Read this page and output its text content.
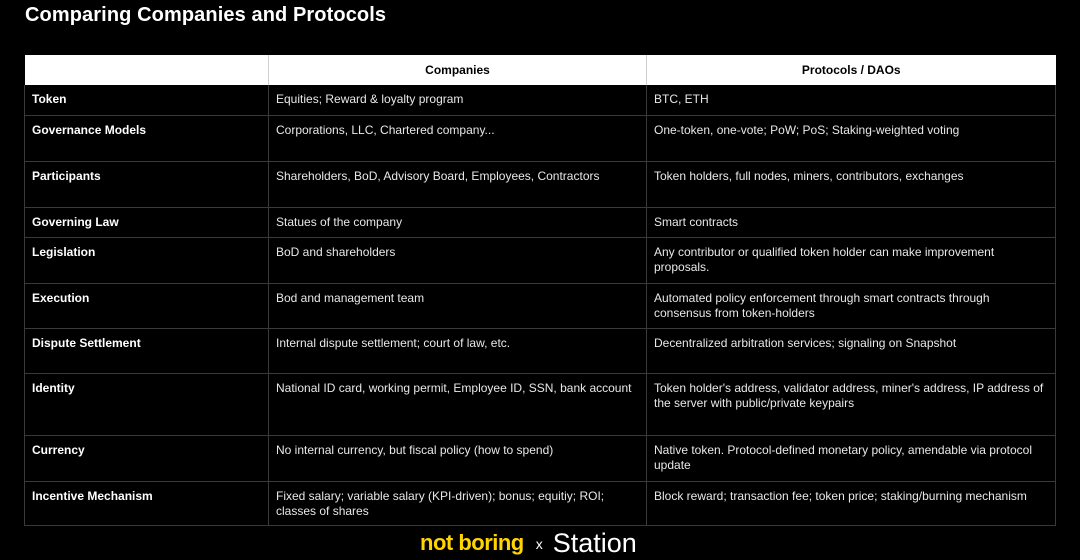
Comparing Companies and Protocols
	Companies	Protocols / DAOs
Token	Equities; Reward & loyalty program	BTC, ETH
Governance Models	Corporations, LLC, Chartered company...	One-token, one-vote; PoW; PoS; Staking-weighted voting
Participants	Shareholders, BoD, Advisory Board, Employees, Contractors	Token holders, full nodes, miners, contributors, exchanges
Governing Law	Statues of the company	Smart contracts
Legislation	BoD and shareholders	Any contributor or qualified token holder can make improvement proposals.
Execution	Bod and management team	Automated policy enforcement through smart contracts through consensus from token-holders
Dispute Settlement	Internal dispute settlement; court of law, etc.	Decentralized arbitration services; signaling on Snapshot
Identity	National ID card, working permit, Employee ID, SSN, bank account	Token holder's address, validator address, miner's address, IP address of the server with public/private keypairs
Currency	No internal currency, but fiscal policy (how to spend)	Native token. Protocol-defined monetary policy, amendable via protocol update
Incentive Mechanism	Fixed salary; variable salary (KPI-driven); bonus; equitiy; ROI; classes of shares	Block reward; transaction fee; token price; staking/burning mechanism
not boring x Station
